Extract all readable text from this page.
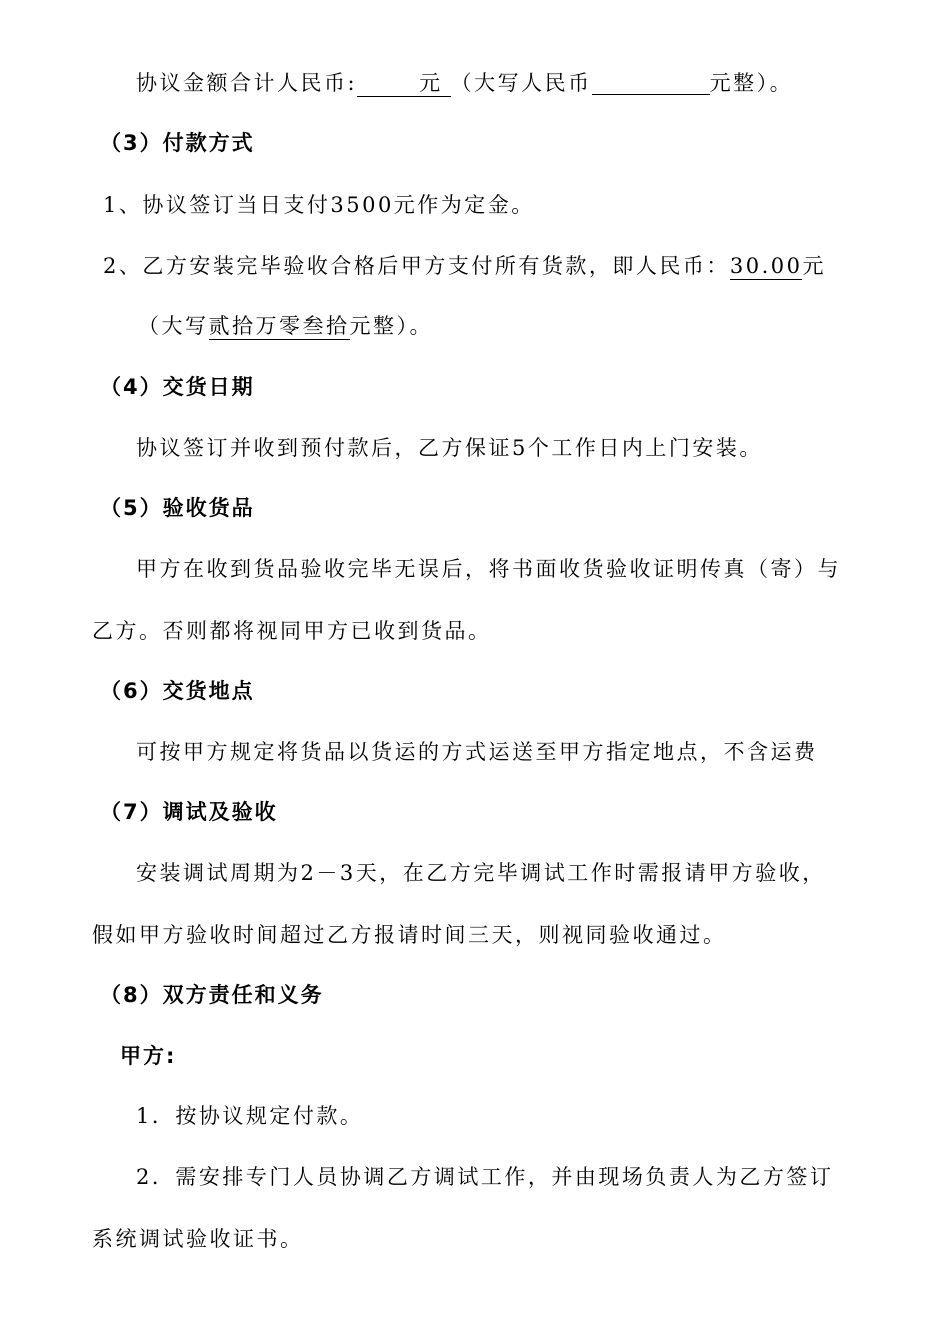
协议金额合计人民币:	元 （大写人民币	元整）。
（3）付款方式
1、协议签订当日支付3500元作为定金。
2、乙方安装完毕验收合格后甲方支付所有货款，即人民币：30.00元
（大写贰拾万零叁拾元整）。
（4）交货日期
协议签订并收到预付款后，乙方保证5个工作日内上门安装。
（5）验收货品
甲方在收到货品验收完毕无误后，将书面收货验收证明传真（寄）与
乙方。否则都将视同甲方已收到货品。
（6）交货地点
可按甲方规定将货品以货运的方式运送至甲方指定地点，不含运费
（7）调试及验收
安装调试周期为2－3天，在乙方完毕调试工作时需报请甲方验收，
假如甲方验收时间超过乙方报请时间三天，则视同验收通过。
（8）双方责任和义务
甲方:
1．按协议规定付款。
2．需安排专门人员协调乙方调试工作，并由现场负责人为乙方签订
系统调试验收证书。
